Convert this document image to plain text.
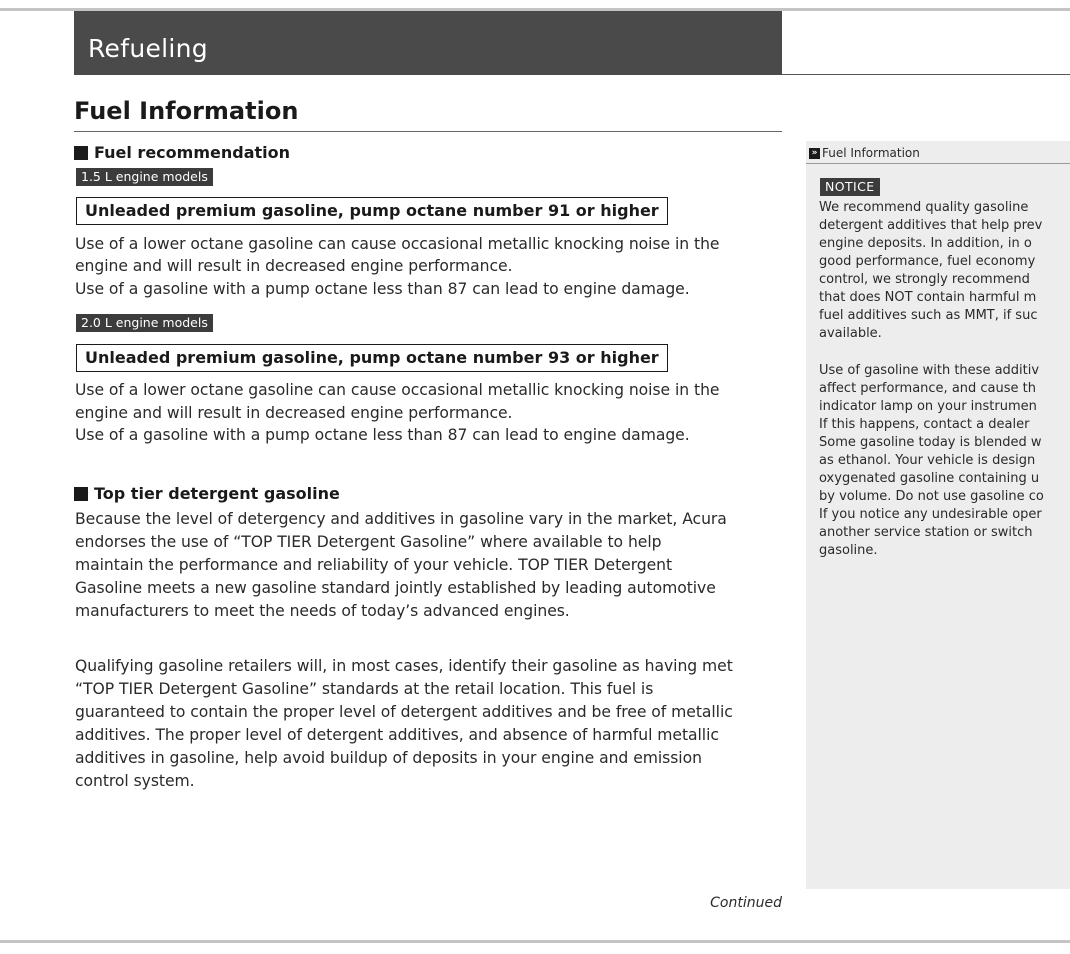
Refueling
Fuel Information
Fuel recommendation
1.5 L engine models
Unleaded premium gasoline, pump octane number 91 or higher

Use of a lower octane gasoline can cause occasional metallic knocking noise in the

engine and will result in decreased engine performance.

Use of a gasoline with a pump octane less than 87 can lead to engine damage.

2.0 L engine models
Unleaded premium gasoline, pump octane number 93 or higher

Use of a lower octane gasoline can cause occasional metallic knocking noise in the

engine and will result in decreased engine performance.

Use of a gasoline with a pump octane less than 87 can lead to engine damage.

Top tier detergent gasoline

Because the level of detergency and additives in gasoline vary in the market, Acura

endorses the use of “TOP TIER Detergent Gasoline” where available to help

maintain the performance and reliability of your vehicle. TOP TIER Detergent

Gasoline meets a new gasoline standard jointly established by leading automotive

manufacturers to meet the needs of today’s advanced engines.

Qualifying gasoline retailers will, in most cases, identify their gasoline as having met

“TOP TIER Detergent Gasoline” standards at the retail location. This fuel is

guaranteed to contain the proper level of detergent additives and be free of metallic

additives. The proper level of detergent additives, and absence of harmful metallic

additives in gasoline, help avoid buildup of deposits in your engine and emission

control system.

Continued
» Fuel Information
NOTICE

We recommend quality gasoline

detergent additives that help prev

engine deposits. In addition, in o

good performance, fuel economy

control, we strongly recommend

that does NOT contain harmful m

fuel additives such as MMT, if suc

available.

Use of gasoline with these additiv

affect performance, and cause th

indicator lamp on your instrumen

If this happens, contact a dealer

Some gasoline today is blended w

as ethanol. Your vehicle is design

oxygenated gasoline containing u

by volume. Do not use gasoline co

If you notice any undesirable oper

another service station or switch

gasoline.
